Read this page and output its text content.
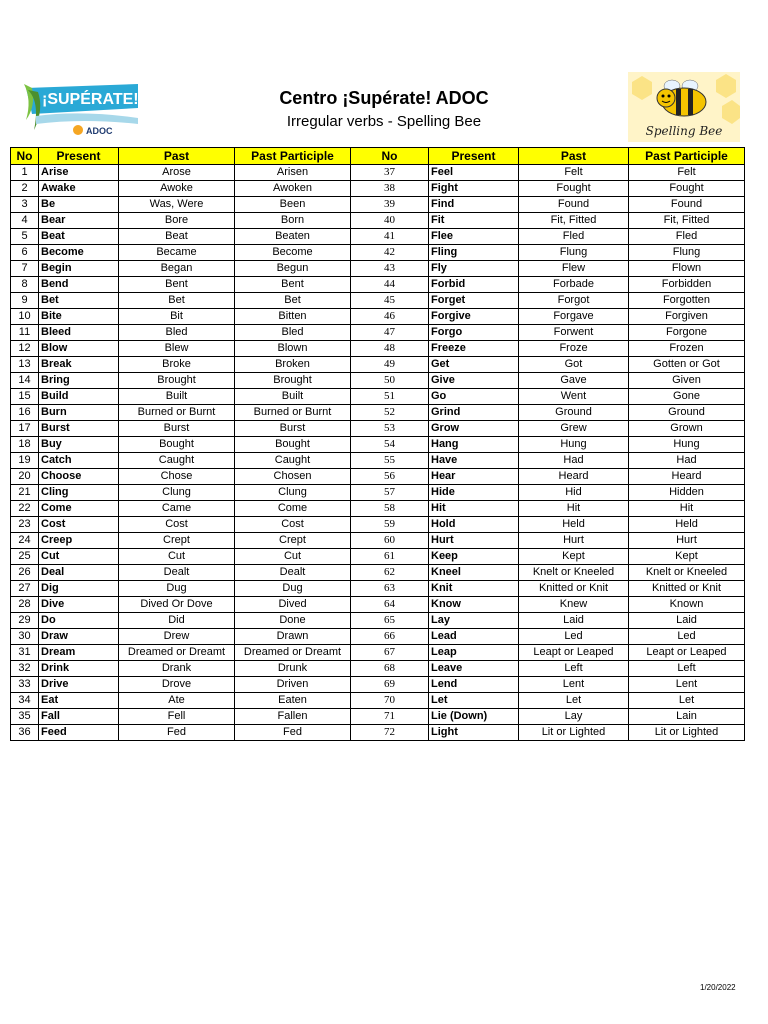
¡SUPÉRATE!
ADOC
Centro ¡Supérate! ADOC
Irregular verbs - Spelling Bee
Spelling Bee
No	Present	Past	Past Participle	No	Present	Past	Past Participle
1	Arise	Arose	Arisen	37	Feel	Felt	Felt
2	Awake	Awoke	Awoken	38	Fight	Fought	Fought
3	Be	Was, Were	Been	39	Find	Found	Found
4	Bear	Bore	Born	40	Fit	Fit, Fitted	Fit, Fitted
5	Beat	Beat	Beaten	41	Flee	Fled	Fled
6	Become	Became	Become	42	Fling	Flung	Flung
7	Begin	Began	Begun	43	Fly	Flew	Flown
8	Bend	Bent	Bent	44	Forbid	Forbade	Forbidden
9	Bet	Bet	Bet	45	Forget	Forgot	Forgotten
10	Bite	Bit	Bitten	46	Forgive	Forgave	Forgiven
11	Bleed	Bled	Bled	47	Forgo	Forwent	Forgone
12	Blow	Blew	Blown	48	Freeze	Froze	Frozen
13	Break	Broke	Broken	49	Get	Got	Gotten or Got
14	Bring	Brought	Brought	50	Give	Gave	Given
15	Build	Built	Built	51	Go	Went	Gone
16	Burn	Burned or Burnt	Burned or Burnt	52	Grind	Ground	Ground
17	Burst	Burst	Burst	53	Grow	Grew	Grown
18	Buy	Bought	Bought	54	Hang	Hung	Hung
19	Catch	Caught	Caught	55	Have	Had	Had
20	Choose	Chose	Chosen	56	Hear	Heard	Heard
21	Cling	Clung	Clung	57	Hide	Hid	Hidden
22	Come	Came	Come	58	Hit	Hit	Hit
23	Cost	Cost	Cost	59	Hold	Held	Held
24	Creep	Crept	Crept	60	Hurt	Hurt	Hurt
25	Cut	Cut	Cut	61	Keep	Kept	Kept
26	Deal	Dealt	Dealt	62	Kneel	Knelt or Kneeled	Knelt or Kneeled
27	Dig	Dug	Dug	63	Knit	Knitted or Knit	Knitted or Knit
28	Dive	Dived Or Dove	Dived	64	Know	Knew	Known
29	Do	Did	Done	65	Lay	Laid	Laid
30	Draw	Drew	Drawn	66	Lead	Led	Led
31	Dream	Dreamed or Dreamt	Dreamed or Dreamt	67	Leap	Leapt or Leaped	Leapt or Leaped
32	Drink	Drank	Drunk	68	Leave	Left	Left
33	Drive	Drove	Driven	69	Lend	Lent	Lent
34	Eat	Ate	Eaten	70	Let	Let	Let
35	Fall	Fell	Fallen	71	Lie (Down)	Lay	Lain
36	Feed	Fed	Fed	72	Light	Lit or Lighted	Lit or Lighted
1/20/2022
